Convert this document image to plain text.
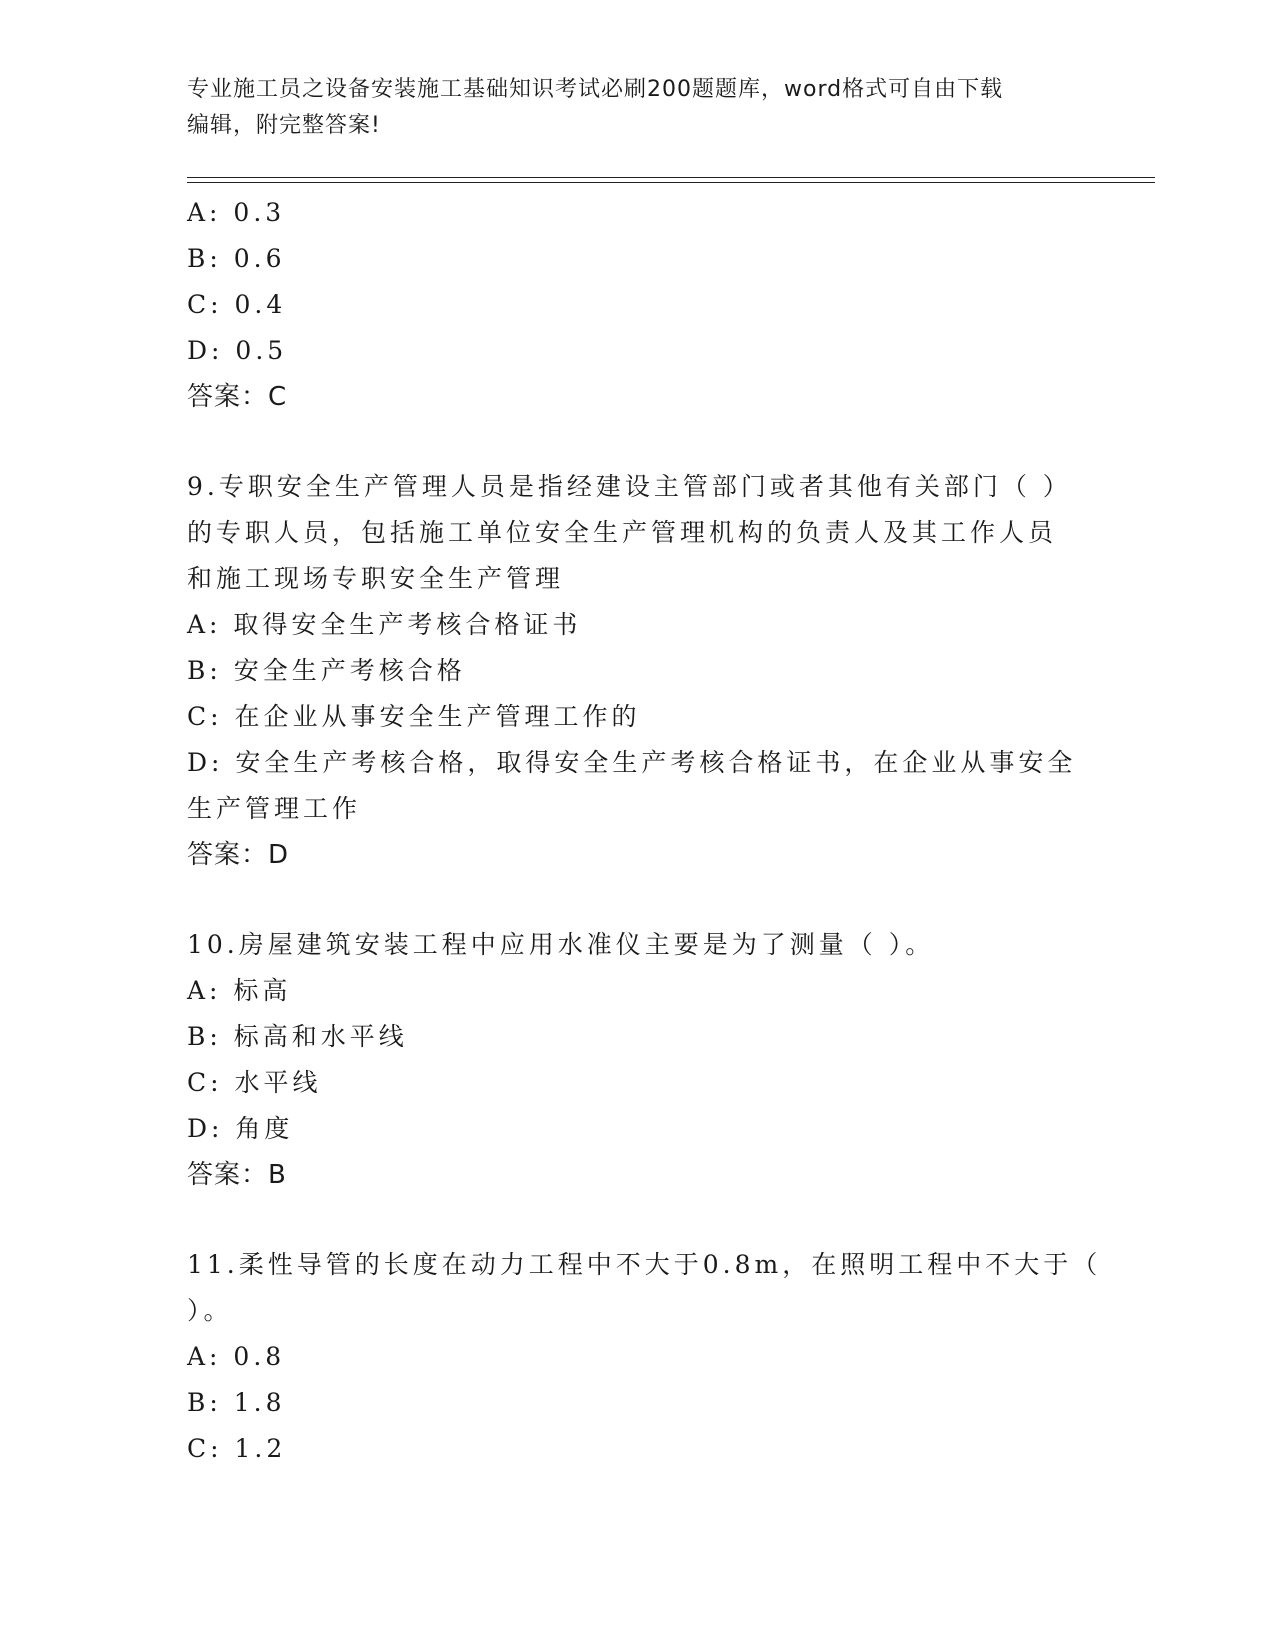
专业施工员之设备安装施工基础知识考试必刷200题题库，word格式可自由下载
编辑，附完整答案!
A: 0.3
B: 0.6
C: 0.4
D: 0.5
答案：C
9.专职安全生产管理人员是指经建设主管部门或者其他有关部门（ ）
的专职人员，包括施工单位安全生产管理机构的负责人及其工作人员
和施工现场专职安全生产管理
A: 取得安全生产考核合格证书
B: 安全生产考核合格
C: 在企业从事安全生产管理工作的
D: 安全生产考核合格，取得安全生产考核合格证书，在企业从事安全
生产管理工作
答案：D
10.房屋建筑安装工程中应用水准仪主要是为了测量（ ）。
A: 标高
B: 标高和水平线
C: 水平线
D: 角度
答案：B
11.柔性导管的长度在动力工程中不大于0.8m，在照明工程中不大于（
）。
A: 0.8
B: 1.8
C: 1.2
